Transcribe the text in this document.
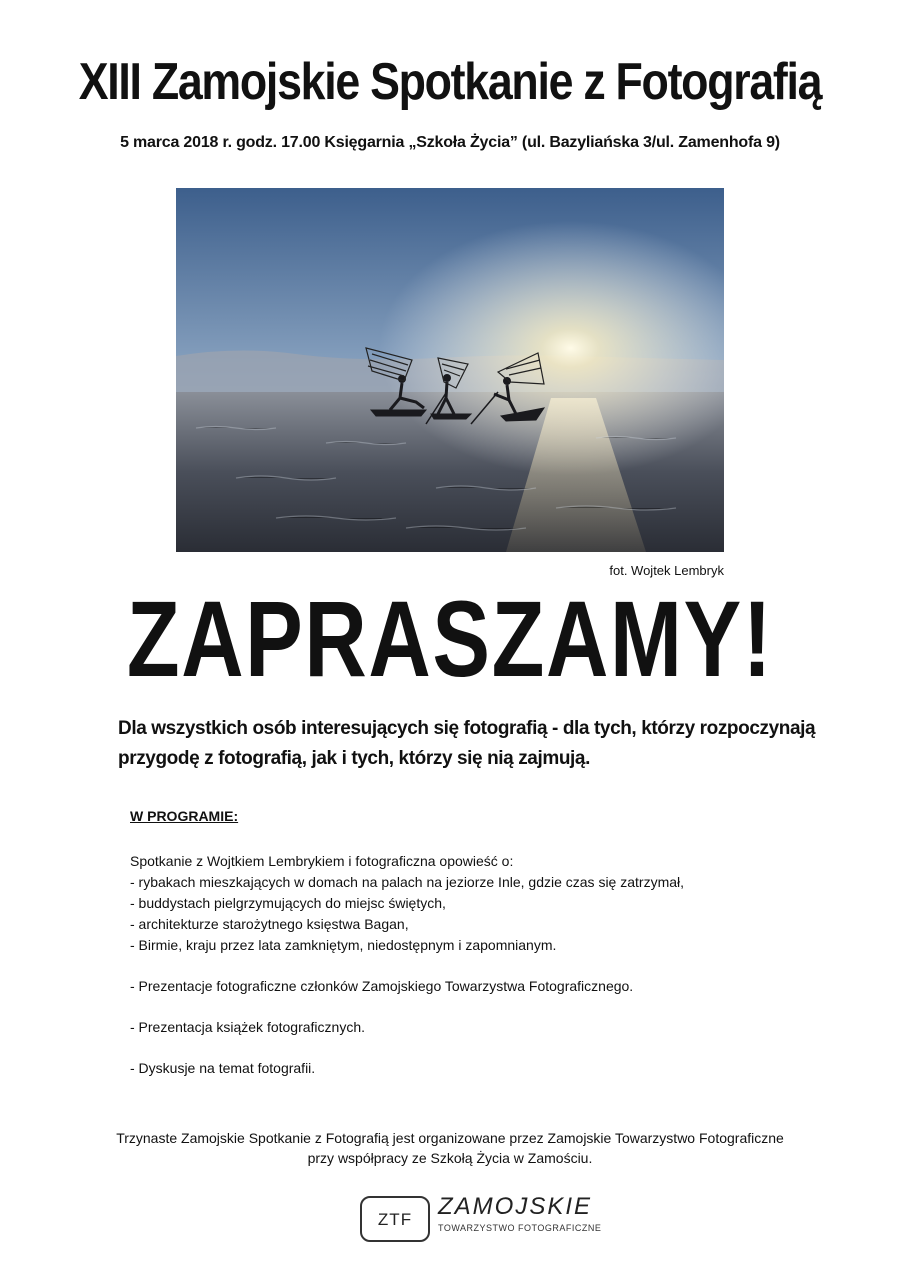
XIII Zamojskie Spotkanie z Fotografią
5 marca 2018 r. godz. 17.00 Księgarnia „Szkoła Życia” (ul. Bazyliańska 3/ul. Zamenhofa 9)
fot. Wojtek Lembryk
ZAPRASZAMY!
Dla wszystkich osób interesujących się fotografią - dla tych, którzy rozpoczynają
przygodę z fotografią, jak i tych, którzy się nią zajmują.
W PROGRAMIE:

Spotkanie z Wojtkiem Lembrykiem i fotograficzna opowieść o:

- rybakach mieszkających w domach na palach na jeziorze Inle, gdzie czas się zatrzymał,
- buddystach pielgrzymujących do miejsc świętych,
- architekturze starożytnego księstwa Bagan,
- Birmie, kraju przez lata zamkniętym, niedostępnym i zapomnianym.
- Prezentacje fotograficzne członków Zamojskiego Towarzystwa Fotograficznego.
- Prezentacja książek fotograficznych.
- Dyskusje na temat fotografii.
Trzynaste Zamojskie Spotkanie z Fotografią jest organizowane przez Zamojskie Towarzystwo Fotograficzne
przy współpracy ze Szkołą Życia w Zamościu.
ZTF	ZAMOJSKIE
TOWARZYSTWO FOTOGRAFICZNE
